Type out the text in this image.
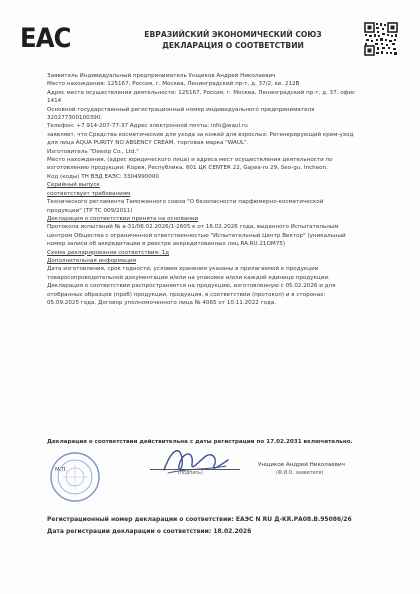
EAC	ЕВРАЗИЙСКИЙ ЭКОНОМИЧЕСКИЙ СОЮЗ
ДЕКЛАРАЦИЯ О СООТВЕТСТВИИ
Заявитель Индивидуальный предприниматель Унщиков Андрей Николаевич
Место нахождения: 125167, Россия, г. Москва, Ленинградский пр-т, д. 37/2, кв. 212В
Адрес места осуществления деятельности: 125167, Россия, г. Москва, Ленинградский пр-т, д. 37, офис
1414
Основной государственный регистрационный номер индивидуального предпринимателя
320277300100390.
Телефон: +7 914-207-77-37 Адрес электронной почты: info@waul.ru
заявляет, что Средства косметические для ухода за кожей для взрослых: Регенерирующий крем-уход
для лица AQUA PURITY NO ABSENCY CREAM, торговая марка "WAUL".
Изготовитель "Deesip Co., Ltd."
Место нахождения, (адрес юридического лица) и адреса мест осуществления деятельности по
изготовлению продукции: Корея, Республика, 601 ЦК CENTER 22, Gajwa-ro 29, Seo-gu, Incheon.
Код (коды) ТН ВЭД ЕАЭС: 3304990000
Серийный выпуск
соответствует требованиям
Технического регламента Таможенного союза "О безопасности парфюмерно-косметической
продукции" (ТР ТС 009/2011)
Декларация о соответствии принята на основании
Протокола испытаний № а-31/06.02.2026/1-2605 к от 16.02.2026 года, выданного Испытательным
центром Общества с ограниченной ответственностью "Испытательный Центр Вектор" (уникальный
номер записи об аккредитации в реестре аккредитованных лиц RA.RU.21OM75)
Схема декларирования соответствия: 1д
Дополнительная информация
Дата изготовления, срок годности, условия хранения указаны в прилагаемой к продукции
товаросопроводительной документации и/или на упаковке и/или каждой единице продукции.
Декларация о соответствии распространяется на продукцию, изготовленную с 05.02.2026 и для
отобранных образцов (проб) продукции, продукция, в соответствии (протокол) и в сторонах:
05.09.2025 года. Договор уполномоченного лица № 4065 от 10.11.2022 года.
Декларация о соответствии действительна с даты регистрации по 17.02.2031 включительно.
М.П.
(подпись)
Унщиков Андрей Николаевич
(Ф.И.О. заявителя)
Регистрационный номер декларации о соответствии: ЕАЭС N RU Д-KR.РА08.В.95086/26
Дата регистрации декларации о соответствии: 18.02.2026
